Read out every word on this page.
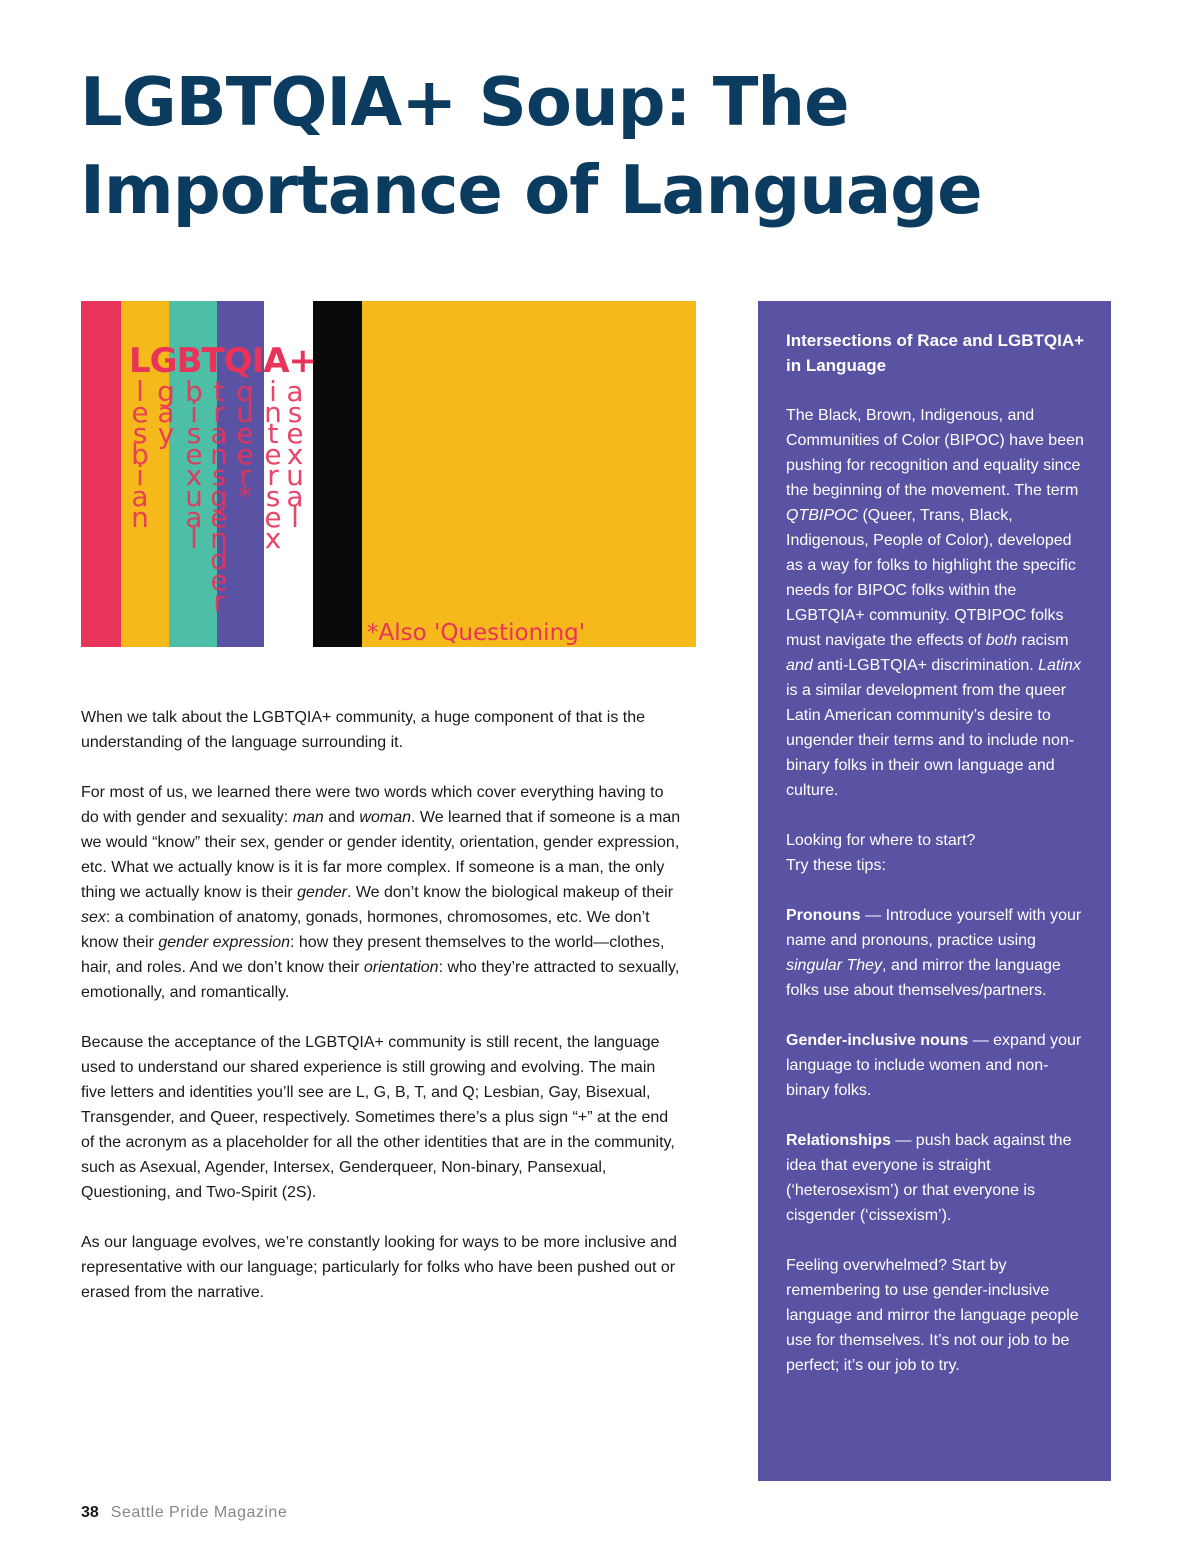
LGBTQIA+ Soup: The Importance of Language
lesbian
gay
bisexual
transgender
queer*
intersex
asexual
LGBTQIA+
*Also 'Questioning'

When we talk about the LGBTQIA+ community, a huge component of that is the understanding of the language surrounding it.

For most of us, we learned there were two words which cover everything having to do with gender and sexuality: man and woman. We learned that if someone is a man we would “know” their sex, gender or gender identity, orientation, gender expression, etc. What we actually know is it is far more complex. If someone is a man, the only thing we actually know is their gender. We don’t know the biological makeup of their sex: a combination of anatomy, gonads, hormones, chromosomes, etc. We don’t know their gender expression: how they present themselves to the world—clothes, hair, and roles. And we don’t know their orientation: who they’re attracted to sexually, emotionally, and romantically.

Because the acceptance of the LGBTQIA+ community is still recent, the language used to understand our shared experience is still growing and evolving. The main five letters and identities you’ll see are L, G, B, T, and Q; Lesbian, Gay, Bisexual, Transgender, and Queer, respectively. Sometimes there’s a plus sign “+” at the end of the acronym as a placeholder for all the other identities that are in the community, such as Asexual, Agender, Intersex, Genderqueer, Non-binary, Pansexual, Questioning, and Two-Spirit (2S).

As our language evolves, we’re constantly looking for ways to be more inclusive and representative with our language; particularly for folks who have been pushed out or erased from the narrative.

Intersections of Race and LGBTQIA+ in Language

The Black, Brown, Indigenous, and Communities of Color (BIPOC) have been pushing for recognition and equality since the beginning of the movement. The term QTBIPOC (Queer, Trans, Black, Indigenous, People of Color), developed as a way for folks to highlight the specific needs for BIPOC folks within the LGBTQIA+ community. QTBIPOC folks must navigate the effects of both racism and anti-LGBTQIA+ discrimination. Latinx is a similar development from the queer Latin American community’s desire to ungender their terms and to include non-binary folks in their own language and culture.

Looking for where to start?
Try these tips:

Pronouns — Introduce yourself with your name and pronouns, practice using singular They, and mirror the language folks use about themselves/partners.

Gender-inclusive nouns — expand your language to include women and non-binary folks.

Relationships — push back against the idea that everyone is straight (‘heterosexism’) or that everyone is cisgender (‘cissexism’).

Feeling overwhelmed? Start by remembering to use gender-inclusive language and mirror the language people use for themselves. It’s not our job to be perfect; it’s our job to try.

38 Seattle Pride Magazine
